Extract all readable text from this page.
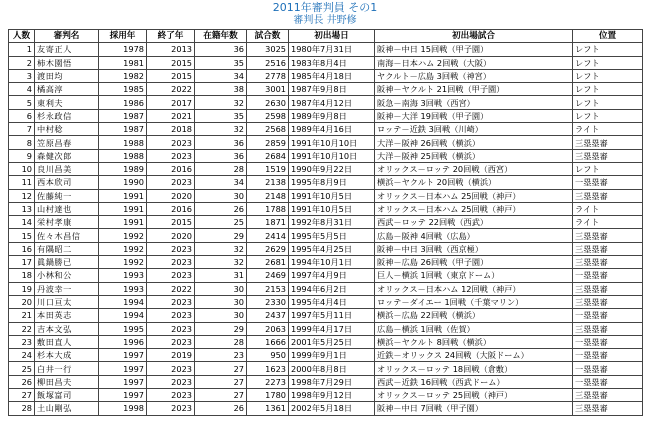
2011年審判員 その1
審判長 井野修
人数	審判名	採用年	終了年	在籍年数	試合数	初出場日	初出場試合	位置
1	友寄正人	1978	2013	36	3025	1980年7月31日	阪神－中日 15回戦（甲子園）	レフト
2	柿木園悟	1981	2015	35	2516	1983年8月4日	南海－日本ハム 2回戦（大阪）	レフト
3	渡田均	1982	2015	34	2778	1985年4月18日	ヤクルト－広島 3回戦（神宮）	レフト
4	橘高淳	1985	2022	38	3001	1987年9月8日	阪神－ヤクルト 21回戦（甲子園）	レフト
5	東利夫	1986	2017	32	2630	1987年4月12日	阪急－南海 3回戦（西宮）	レフト
6	杉永政信	1987	2021	35	2598	1989年9月8日	阪神－大洋 19回戦（甲子園）	レフト
7	中村稔	1987	2018	32	2568	1989年4月16日	ロッテ－近鉄 3回戦（川崎）	ライト
8	笠原昌春	1988	2023	36	2859	1991年10月10日	大洋－阪神 26回戦（横浜）	三塁塁審
9	森健次郎	1988	2023	36	2684	1991年10月10日	大洋－阪神 25回戦（横浜）	三塁塁審
10	良川昌美	1989	2016	28	1519	1990年9月22日	オリックス－ロッテ 20回戦（西宮）	レフト
11	西本欣司	1990	2023	34	2138	1995年8月9日	横浜－ヤクルト 20回戦（横浜）	一塁塁審
12	佐藤純一	1991	2020	30	2148	1991年10月5日	オリックス－日本ハム 25回戦（神戸）	三塁塁審
13	山村達也	1991	2016	26	1788	1991年10月5日	オリックス－日本ハム 25回戦（神戸）	ライト
14	栄村孝康	1991	2015	25	1871	1992年8月31日	西武－ロッテ 22回戦（西武）	ライト
15	佐々木昌信	1992	2020	29	2414	1995年5月5日	広島－阪神 4回戦（広島）	三塁塁審
16	有隅昭二	1992	2023	32	2629	1995年4月25日	阪神－中日 3回戦（西京極）	三塁塁審
17	眞鍋勝已	1992	2023	32	2681	1994年10月1日	阪神－広島 26回戦（甲子園）	三塁塁審
18	小林和公	1993	2023	31	2469	1997年4月9日	巨人－横浜 1回戦（東京ドーム）	一塁塁審
19	丹波幸一	1993	2022	30	2153	1994年6月2日	オリックス－日本ハム 12回戦（神戸）	三塁塁審
20	川口亘太	1994	2023	30	2330	1995年4月4日	ロッテ－ダイエー 1回戦（千葉マリン）	三塁塁審
21	本田英志	1994	2023	30	2437	1997年5月11日	横浜－広島 22回戦（横浜）	一塁塁審
22	吉本文弘	1995	2023	29	2063	1999年4月17日	広島－横浜 1回戦（佐賀）	三塁塁審
23	敷田直人	1996	2023	28	1666	2001年5月25日	横浜－ヤクルト 8回戦（横浜）	一塁塁審
24	杉本大成	1997	2019	23	950	1999年9月1日	近鉄－オリックス 24回戦（大阪ドーム）	一塁塁審
25	白井一行	1997	2023	27	1623	2000年8月8日	オリックス－ロッテ 18回戦（倉敷）	一塁塁審
26	柳田昌夫	1997	2023	27	2273	1998年7月29日	西武－近鉄 16回戦（西武ドーム）	一塁塁審
27	飯塚富司	1997	2023	27	1780	1998年9月12日	オリックス－ロッテ 25回戦（神戸）	三塁塁審
28	土山剛弘	1998	2023	26	1361	2002年5月18日	阪神－中日 7回戦（甲子園）	三塁塁審
